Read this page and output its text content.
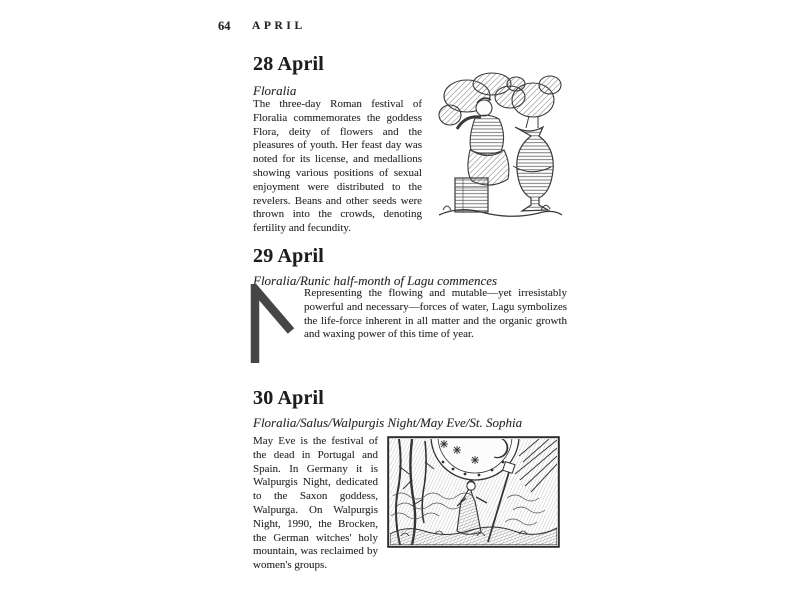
64 APRIL
28 April
Floralia

The three-day Roman festival of Floralia commemorates the goddess Flora, deity of flowers and the pleasures of youth. Her feast day was noted for its license, and medallions showing various positions of sexual enjoyment were distributed to the revelers. Beans and other seeds were thrown into the crowds, denoting fertility and fecundity.

29 April
Floralia/Runic half-month of Lagu commences

Representing the flowing and mutable—yet irresistably powerful and necessary—forces of water, Lagu symbolizes the life-force inherent in all matter and the organic growth and waxing power of this time of year.

30 April
Floralia/Salus/Walpurgis Night/May Eve/St. Sophia

May Eve is the festival of the dead in Portugal and Spain. In Germany it is Walpurgis Night, dedicated to the Saxon goddess, Walpurga. On Walpurgis Night, 1990, the Brocken, the German witches' holy mountain, was reclaimed by women's groups.
